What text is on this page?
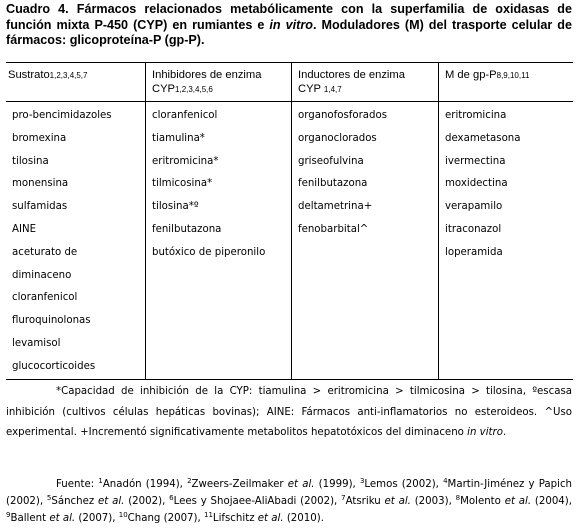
Cuadro 4. Fármacos relacionados metabólicamente con la superfamilia de oxidasas de función mixta P-450 (CYP) en rumiantes e in vitro. Moduladores (M) del trasporte celular de fármacos: glicoproteína-P (gp-P).
Sustrato1,2,3,4,5,7
pro-bencimidazoles
bromexina
tilosina
monensina
sulfamidas
AINE
aceturato de
diminaceno
cloranfenicol
fluroquinolonas
levamisol
glucocorticoides
Inhibidores de enzima
CYP1,2,3,4,5,6
cloranfenicol
tiamulina*
eritromicina*
tilmicosina*
tilosina*º
fenilbutazona
butóxico de piperonilo
Inductores de enzima
CYP 1,4,7
organofosforados
organoclorados
griseofulvina
fenilbutazona
deltametrina+
fenobarbital^
M de gp-P8,9,10,11
eritromicina
dexametasona
ivermectina
moxidectina
verapamilo
itraconazol
loperamida
*Capacidad de inhibición de la CYP: tiamulina > eritromicina > tilmicosina > tilosina, ºescasa inhibición (cultivos células hepáticas bovinas); AINE: Fármacos anti-inflamatorios no esteroideos. ^Uso experimental. +Incrementó significativamente metabolitos hepatotóxicos del diminaceno in vitro.
Fuente: $^1$Anadón (1994), $^2$Zweers-Zeilmaker et al. (1999), $^3$Lemos (2002), $^4$Martin-Jiménez y Papich (2002), $^5$Sánchez et al. (2002), $^6$Lees y Shojaee-AliAbadi (2002), $^7$Atsriku et al. (2003), $^8$Molento et al. (2004), $^9$Ballent et al. (2007), $^{10}$Chang (2007), $^{11}$Lifschitz et al. (2010).
